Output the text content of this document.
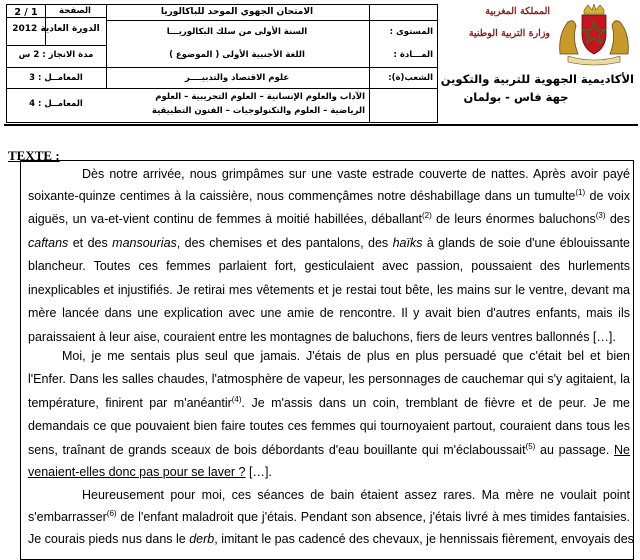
الصفحة
2 / 1	الامتحان الجهوي الموحد للباكالوريا
الدورة العادية 2012
مدة الانجاز : 2 س
المستوى :
السنة الأولى من سلك البكالوريـــا
المـــادة :
اللغة الأجنبية الأولى ( الموضوع )
الشعب(ة):
علوم الاقتصاد والتدبيــــر
المعامــل : 3
الآداب والعلوم الإنسانية – العلوم التجريبية – العلوم
الرياضية – العلوم والتكنولوجيات – الفنون التطبيقية
المعامــل : 4
المملكة المغربية
وزارة التربية الوطنية
الأكاديمية الجهوية للتربية والتكوين
جهة فاس - بولمان
TEXTE :
Dès notre arrivée, nous grimpâmes sur une vaste estrade couverte de nattes. Après avoir payé
soixante-quinze centimes à la caissière, nous commençâmes notre déshabillage dans un tumulte$^{(1)}$ de voix
aiguës, un va-et-vient continu de femmes à moitié habillées, déballant$^{(2)}$ de leurs énormes baluchons$^{(3)}$ des
caftans et des mansourias, des chemises et des pantalons, des haïks à glands de soie d'une éblouissante
blancheur. Toutes ces femmes parlaient fort, gesticulaient avec passion, poussaient des hurlements
inexplicables et injustifiés. Je retirai mes vêtements et je restai tout bête, les mains sur le ventre, devant ma
mère lancée dans une explication avec une amie de rencontre. Il y avait bien d'autres enfants, mais ils
paraissaient à leur aise, couraient entre les montagnes de baluchons, fiers de leurs ventres ballonnés […].
Moi, je me sentais plus seul que jamais. J'étais de plus en plus persuadé que c'était bel et bien
l'Enfer. Dans les salles chaudes, l'atmosphère de vapeur, les personnages de cauchemar qui s'y agitaient, la
température, finirent par m'anéantir$^{(4)}$. Je m'assis dans un coin, tremblant de fièvre et de peur. Je me
demandais ce que pouvaient bien faire toutes ces femmes qui tournoyaient partout, couraient dans tous les
sens, traînant de grands sceaux de bois débordants d'eau bouillante qui m'éclaboussait$^{(5)}$ au passage. Ne
venaient-elles donc pas pour se laver ? […].
Heureusement pour moi, ces séances de bain étaient assez rares. Ma mère ne voulait point
s'embarrasser$^{(6)}$ de l'enfant maladroit que j'étais. Pendant son absence, j'étais livré à mes timides fantaisies.
Je courais pieds nus dans le derb, imitant le pas cadencé des chevaux, je hennissais fièrement, envoyais des
